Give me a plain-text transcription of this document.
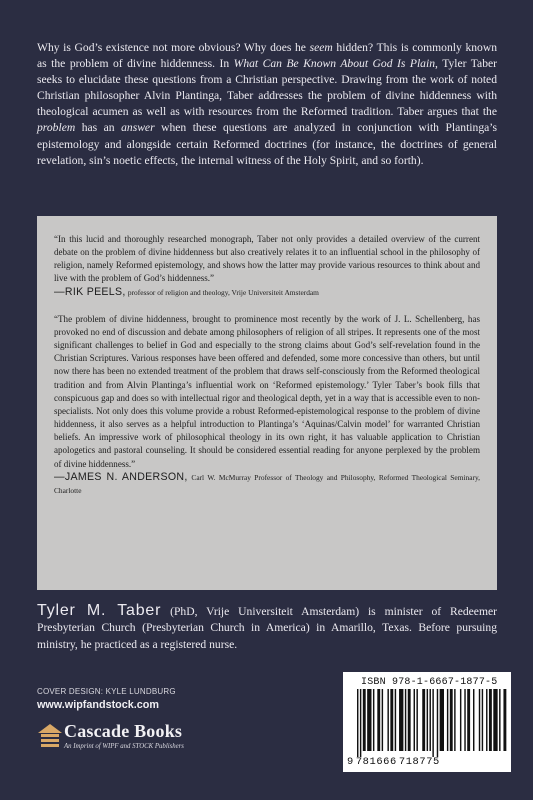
Why is God’s existence not more obvious? Why does he seem hidden? This is commonly known as the problem of divine hiddenness. In What Can Be Known About God Is Plain, Tyler Taber seeks to elucidate these questions from a Christian perspective. Drawing from the work of noted Christian philosopher Alvin Plantinga, Taber addresses the problem of divine hiddenness with theological acumen as well as with resources from the Reformed tradition. Taber argues that the problem has an answer when these questions are analyzed in conjunction with Plantinga’s epistemology and alongside certain Reformed doctrines (for instance, the doctrines of general revelation, sin’s noetic effects, the internal witness of the Holy Spirit, and so forth).

“In this lucid and thoroughly researched monograph, Taber not only provides a detailed overview of the current debate on the problem of divine hiddenness but also creatively relates it to an influential school in the philosophy of religion, namely Reformed epistemology, and shows how the latter may provide various resources to think about and live with the problem of God’s hiddenness.”
—RIK PEELS, professor of religion and theology, Vrije Universiteit Amsterdam

“The problem of divine hiddenness, brought to prominence most recently by the work of J. L. Schellenberg, has provoked no end of discussion and debate among philosophers of religion of all stripes. It represents one of the most significant challenges to belief in God and especially to the strong claims about God’s self-revelation found in the Christian Scriptures. Various responses have been offered and defended, some more concessive than others, but until now there has been no extended treatment of the problem that draws self-consciously from the Reformed theological tradition and from Alvin Plantinga’s influential work on ‘Reformed epistemology.’ Tyler Taber’s book fills that conspicuous gap and does so with intellectual rigor and theological depth, yet in a way that is accessible even to non-specialists. Not only does this volume provide a robust Reformed-epistemological response to the problem of divine hiddenness, it also serves as a helpful introduction to Plantinga’s ‘Aquinas/Calvin model’ for warranted Christian beliefs. An impressive work of philosophical theology in its own right, it has valuable application to Christian apologetics and pastoral counseling. It should be considered essential reading for anyone perplexed by the problem of divine hiddenness.”
—JAMES N. ANDERSON, Carl W. McMurray Professor of Theology and Philosophy, Reformed Theological Seminary, Charlotte

Tyler M. Taber (PhD, Vrije Universiteit Amsterdam) is minister of Redeemer Presbyterian Church (Presbyterian Church in America) in Amarillo, Texas. Before pursuing ministry, he practiced as a registered nurse.

COVER DESIGN: KYLE LUNDBURG
www.wipfandstock.com
Cascade Books
An Imprint of WIPF and STOCK Publishers
ISBN 978-1-6667-1877-5
9 781666 718775
